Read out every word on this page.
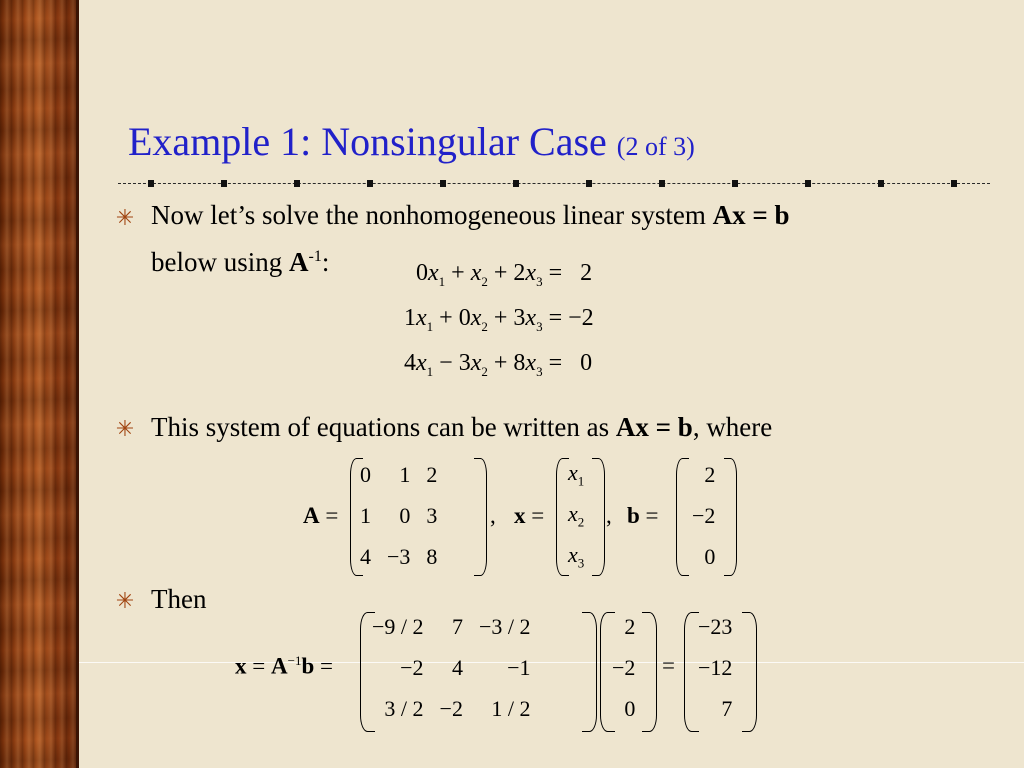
Example 1: Nonsingular Case (2 of 3)
✳ Now let’s solve the nonhomogeneous linear system Ax = b
below using $A^{-1}$:	$0x_1 + x_2 + 2x_3 = 2$
$1x_1 + 0x_2 + 3x_3 = -2$
$4x_1 - 3x_2 + 8x_3 = 0$
✳ This system of equations can be written as Ax = b, where
A =
0	1	2
1	0	3
4	−3	8
, x =
$x_1$
$x_2$
$x_3$
, b =
2
−2
0
✳ Then
$x = A^{-1}b$ =
−9 / 2	7	−3 / 2
−2	4	−1
3 / 2	−2	1 / 2
2
−2
0
=
−23
−12
7
